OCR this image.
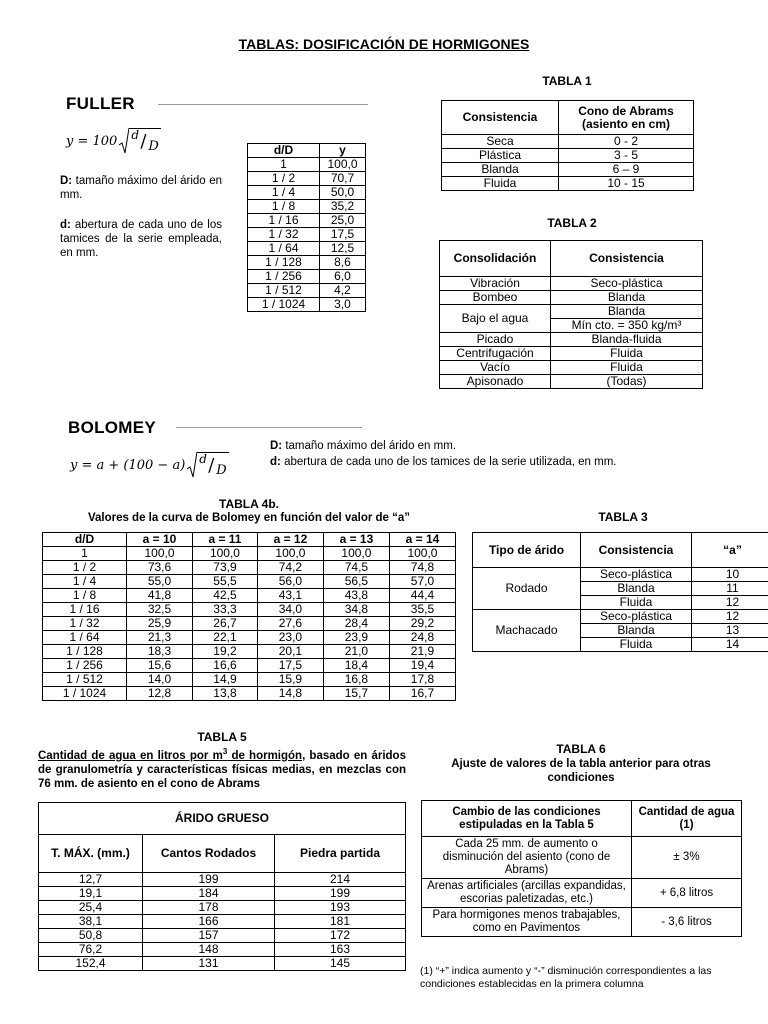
TABLAS: DOSIFICACIÓN DE HORMIGONES
FULLER
y = 100 d / D
D: tamaño máximo del árido en mm.
d: abertura de cada uno de los tamices de la serie empleada, en mm.
d/D	y
1	100,0
1 / 2	70,7
1 / 4	50,0
1 / 8	35,2
1 / 16	25,0
1 / 32	17,5
1 / 64	12,5
1 / 128	8,6
1 / 256	6,0
1 / 512	4,2
1 / 1024	3,0
TABLA 1
Consistencia	Cono de Abrams (asiento en cm)
Seca	0 - 2
Plástica	3 - 5
Blanda	6 – 9
Fluida	10 - 15
TABLA 2
Consolidación	Consistencia
Vibración	Seco-plástica
Bombeo	Blanda
Bajo el agua	Blanda
	Mín cto. = 350 kg/m³
Picado	Blanda-fluida
Centrifugación	Fluida
Vacío	Fluida
Apisonado	(Todas)
BOLOMEY
y = a + (100 − a) d / D
D: tamaño máximo del árido en mm.
d: abertura de cada uno de los tamices de la serie utilizada, en mm.
TABLA 4b.
Valores de la curva de Bolomey en función del valor de “a”
d/D	a = 10	a = 11	a = 12	a = 13	a = 14
1	100,0	100,0	100,0	100,0	100,0
1 / 2	73,6	73,9	74,2	74,5	74,8
1 / 4	55,0	55,5	56,0	56,5	57,0
1 / 8	41,8	42,5	43,1	43,8	44,4
1 / 16	32,5	33,3	34,0	34,8	35,5
1 / 32	25,9	26,7	27,6	28,4	29,2
1 / 64	21,3	22,1	23,0	23,9	24,8
1 / 128	18,3	19,2	20,1	21,0	21,9
1 / 256	15,6	16,6	17,5	18,4	19,4
1 / 512	14,0	14,9	15,9	16,8	17,8
1 / 1024	12,8	13,8	14,8	15,7	16,7
TABLA 3
Tipo de árido	Consistencia	“a”
Rodado	Seco-plástica	10
	Blanda	11
	Fluida	12
Machacado	Seco-plástica	12
	Blanda	13
	Fluida	14
TABLA 5
Cantidad de agua en litros por $m^3$ de hormigón, basado en áridos de granulometría y características físicas medias, en mezclas con 76 mm. de asiento en el cono de Abrams
ÁRIDO GRUESO		
T. MÁX. (mm.)	Cantos Rodados	Piedra partida
12,7	199	214
19,1	184	199
25,4	178	193
38,1	166	181
50,8	157	172
76,2	148	163
152,4	131	145
TABLA 6
Ajuste de valores de la tabla anterior para otras condiciones
Cambio de las condiciones estipuladas en la Tabla 5	Cantidad de agua (1)
Cada 25 mm. de aumento o disminución del asiento (cono de Abrams)	± 3%
Arenas artificiales (arcillas expandidas, escorias paletizadas, etc.)	+ 6,8 litros
Para hormigones menos trabajables, como en Pavimentos	- 3,6 litros
(1) “+” indica aumento y “-” disminución correspondientes a las condiciones establecidas en la primera columna
